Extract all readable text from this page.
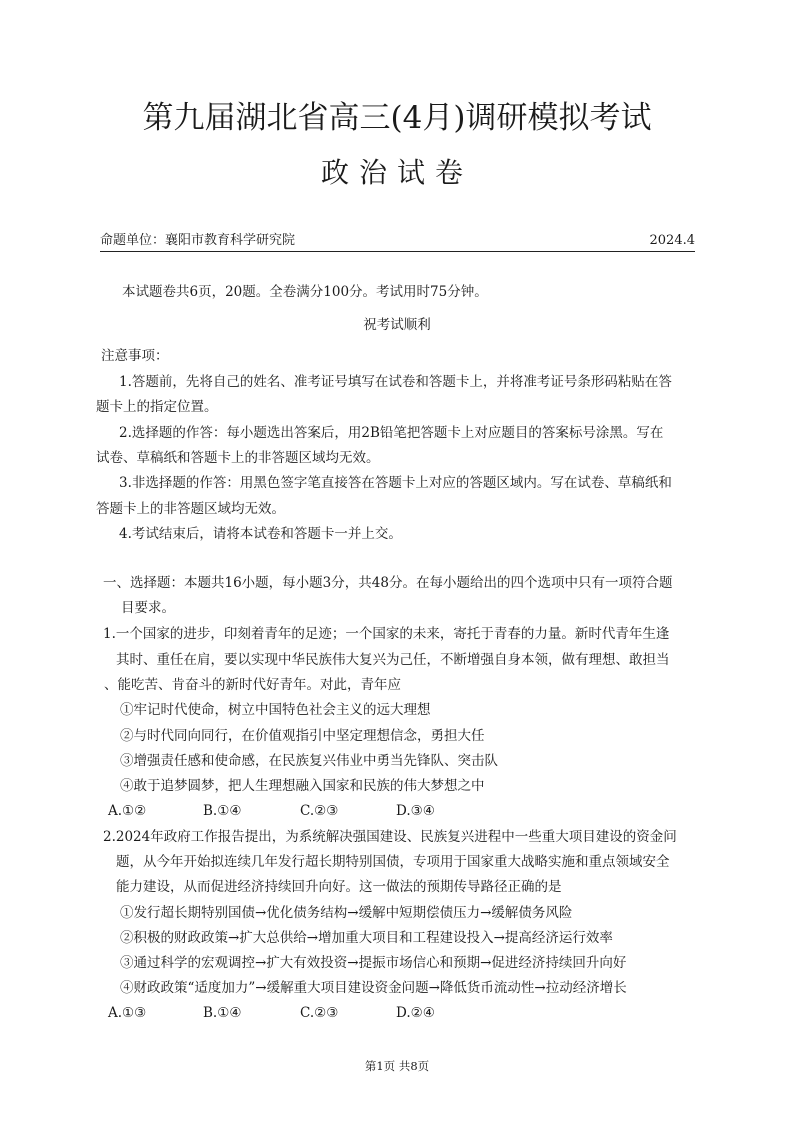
第九届湖北省高三(4月)调研模拟考试
政治试卷
命题单位：襄阳市教育科学研究院	2024.4
本试题卷共6页，20题。全卷满分100分。考试用时75分钟。
祝考试顺利
注意事项：
1.答题前，先将自己的姓名、准考证号填写在试卷和答题卡上，并将准考证号条形码粘贴在答
题卡上的指定位置。
2.选择题的作答：每小题选出答案后，用2B铅笔把答题卡上对应题目的答案标号涂黑。写在
试卷、草稿纸和答题卡上的非答题区域均无效。
3.非选择题的作答：用黑色签字笔直接答在答题卡上对应的答题区域内。写在试卷、草稿纸和
答题卡上的非答题区域均无效。
4.考试结束后，请将本试卷和答题卡一并上交。
一、选择题：本题共16小题，每小题3分，共48分。在每小题给出的四个选项中只有一项符合题
目要求。
1.一个国家的进步，印刻着青年的足迹；一个国家的未来，寄托于青春的力量。新时代青年生逢
其时、重任在肩，要以实现中华民族伟大复兴为己任，不断增强自身本领，做有理想、敢担当
、能吃苦、肯奋斗的新时代好青年。对此，青年应
①牢记时代使命，树立中国特色社会主义的远大理想
②与时代同向同行，在价值观指引中坚定理想信念，勇担大任
③增强责任感和使命感，在民族复兴伟业中勇当先锋队、突击队
④敢于追梦圆梦，把人生理想融入国家和民族的伟大梦想之中
A.①②	B.①④	C.②③	D.③④
2.2024年政府工作报告提出，为系统解决强国建设、民族复兴进程中一些重大项目建设的资金问
题，从今年开始拟连续几年发行超长期特别国债，专项用于国家重大战略实施和重点领域安全
能力建设，从而促进经济持续回升向好。这一做法的预期传导路径正确的是
①发行超长期特别国债→优化债务结构→缓解中短期偿债压力→缓解债务风险
②积极的财政政策→扩大总供给→增加重大项目和工程建设投入→提高经济运行效率
③通过科学的宏观调控→扩大有效投资→提振市场信心和预期→促进经济持续回升向好
④财政政策“适度加力”→缓解重大项目建设资金问题→降低货币流动性→拉动经济增长
A.①③	B.①④	C.②③	D.②④
第1页 共8页
